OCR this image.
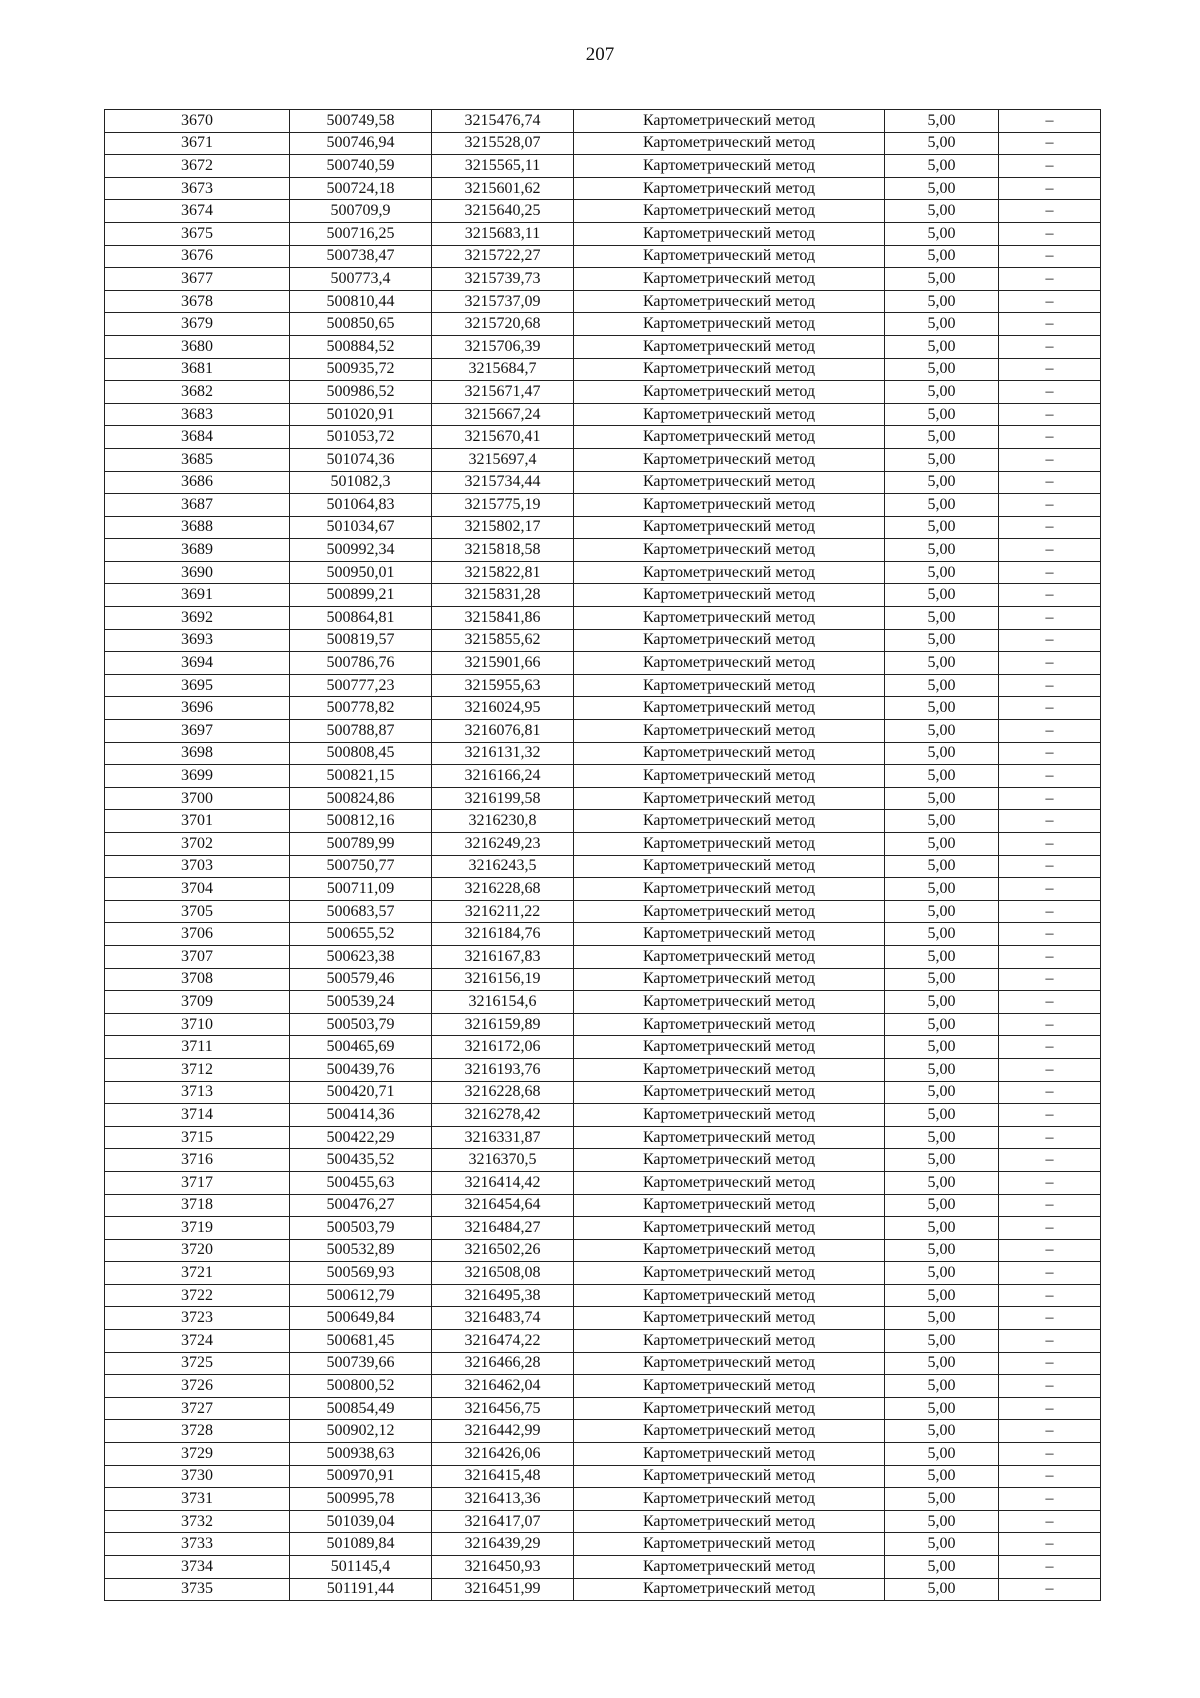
207
3670	500749,58	3215476,74	Картометрический метод	5,00	–
3671	500746,94	3215528,07	Картометрический метод	5,00	–
3672	500740,59	3215565,11	Картометрический метод	5,00	–
3673	500724,18	3215601,62	Картометрический метод	5,00	–
3674	500709,9	3215640,25	Картометрический метод	5,00	–
3675	500716,25	3215683,11	Картометрический метод	5,00	–
3676	500738,47	3215722,27	Картометрический метод	5,00	–
3677	500773,4	3215739,73	Картометрический метод	5,00	–
3678	500810,44	3215737,09	Картометрический метод	5,00	–
3679	500850,65	3215720,68	Картометрический метод	5,00	–
3680	500884,52	3215706,39	Картометрический метод	5,00	–
3681	500935,72	3215684,7	Картометрический метод	5,00	–
3682	500986,52	3215671,47	Картометрический метод	5,00	–
3683	501020,91	3215667,24	Картометрический метод	5,00	–
3684	501053,72	3215670,41	Картометрический метод	5,00	–
3685	501074,36	3215697,4	Картометрический метод	5,00	–
3686	501082,3	3215734,44	Картометрический метод	5,00	–
3687	501064,83	3215775,19	Картометрический метод	5,00	–
3688	501034,67	3215802,17	Картометрический метод	5,00	–
3689	500992,34	3215818,58	Картометрический метод	5,00	–
3690	500950,01	3215822,81	Картометрический метод	5,00	–
3691	500899,21	3215831,28	Картометрический метод	5,00	–
3692	500864,81	3215841,86	Картометрический метод	5,00	–
3693	500819,57	3215855,62	Картометрический метод	5,00	–
3694	500786,76	3215901,66	Картометрический метод	5,00	–
3695	500777,23	3215955,63	Картометрический метод	5,00	–
3696	500778,82	3216024,95	Картометрический метод	5,00	–
3697	500788,87	3216076,81	Картометрический метод	5,00	–
3698	500808,45	3216131,32	Картометрический метод	5,00	–
3699	500821,15	3216166,24	Картометрический метод	5,00	–
3700	500824,86	3216199,58	Картометрический метод	5,00	–
3701	500812,16	3216230,8	Картометрический метод	5,00	–
3702	500789,99	3216249,23	Картометрический метод	5,00	–
3703	500750,77	3216243,5	Картометрический метод	5,00	–
3704	500711,09	3216228,68	Картометрический метод	5,00	–
3705	500683,57	3216211,22	Картометрический метод	5,00	–
3706	500655,52	3216184,76	Картометрический метод	5,00	–
3707	500623,38	3216167,83	Картометрический метод	5,00	–
3708	500579,46	3216156,19	Картометрический метод	5,00	–
3709	500539,24	3216154,6	Картометрический метод	5,00	–
3710	500503,79	3216159,89	Картометрический метод	5,00	–
3711	500465,69	3216172,06	Картометрический метод	5,00	–
3712	500439,76	3216193,76	Картометрический метод	5,00	–
3713	500420,71	3216228,68	Картометрический метод	5,00	–
3714	500414,36	3216278,42	Картометрический метод	5,00	–
3715	500422,29	3216331,87	Картометрический метод	5,00	–
3716	500435,52	3216370,5	Картометрический метод	5,00	–
3717	500455,63	3216414,42	Картометрический метод	5,00	–
3718	500476,27	3216454,64	Картометрический метод	5,00	–
3719	500503,79	3216484,27	Картометрический метод	5,00	–
3720	500532,89	3216502,26	Картометрический метод	5,00	–
3721	500569,93	3216508,08	Картометрический метод	5,00	–
3722	500612,79	3216495,38	Картометрический метод	5,00	–
3723	500649,84	3216483,74	Картометрический метод	5,00	–
3724	500681,45	3216474,22	Картометрический метод	5,00	–
3725	500739,66	3216466,28	Картометрический метод	5,00	–
3726	500800,52	3216462,04	Картометрический метод	5,00	–
3727	500854,49	3216456,75	Картометрический метод	5,00	–
3728	500902,12	3216442,99	Картометрический метод	5,00	–
3729	500938,63	3216426,06	Картометрический метод	5,00	–
3730	500970,91	3216415,48	Картометрический метод	5,00	–
3731	500995,78	3216413,36	Картометрический метод	5,00	–
3732	501039,04	3216417,07	Картометрический метод	5,00	–
3733	501089,84	3216439,29	Картометрический метод	5,00	–
3734	501145,4	3216450,93	Картометрический метод	5,00	–
3735	501191,44	3216451,99	Картометрический метод	5,00	–
